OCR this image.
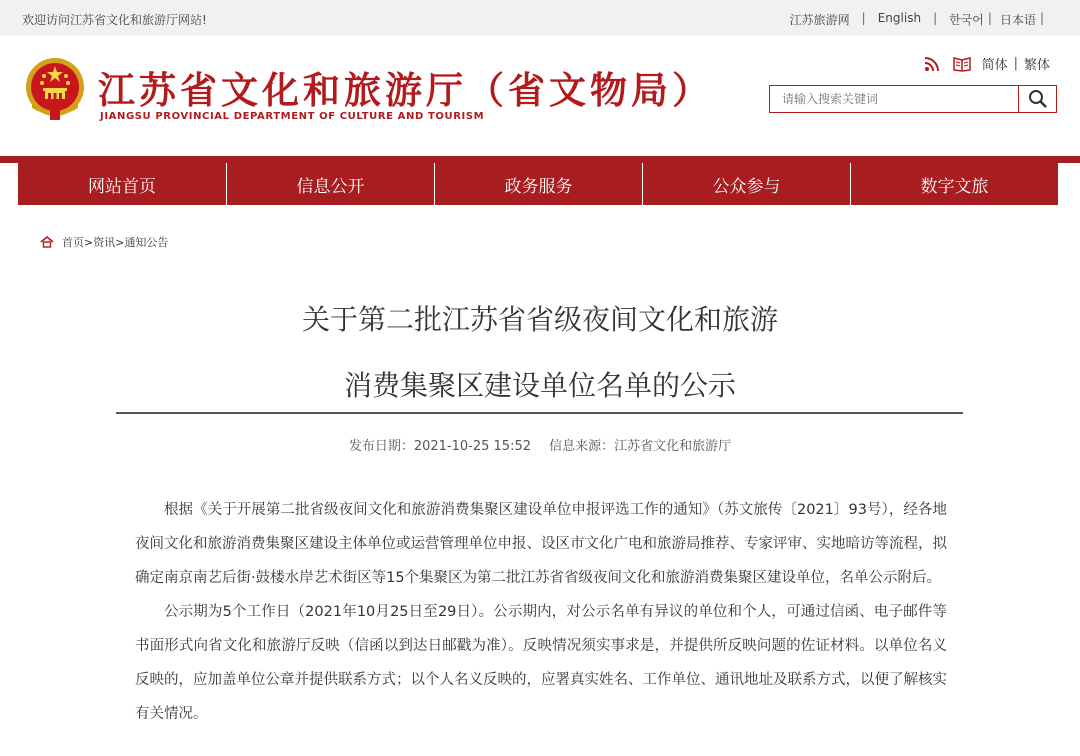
欢迎访问江苏省文化和旅游厅网站!	江苏旅游网	|	English	|	한국어 | 日本语 |
江苏省文化和旅游厅（省文物局）
JIANGSU PROVINCIAL DEPARTMENT OF CULTURE AND TOURISM
简体 | 繁体
请输入搜索关键词
网站首页	信息公开	政务服务	公众参与	数字文旅
首页 > 资讯 > 通知公告
关于第二批江苏省省级夜间文化和旅游
消费集聚区建设单位名单的公示
发布日期：2021-10-25 15:52 信息来源：江苏省文化和旅游厅

根据《关于开展第二批省级夜间文化和旅游消费集聚区建设单位申报评选工作的通知》（苏文旅传〔2021〕93号），经各地夜间文化和旅游消费集聚区建设主体单位或运营管理单位申报、设区市文化广电和旅游局推荐、专家评审、实地暗访等流程，拟确定南京南艺后街·鼓楼水岸艺术街区等15个集聚区为第二批江苏省省级夜间文化和旅游消费集聚区建设单位，名单公示附后。

公示期为5个工作日（2021年10月25日至29日）。公示期内，对公示名单有异议的单位和个人，可通过信函、电子邮件等书面形式向省文化和旅游厅反映（信函以到达日邮戳为准）。反映情况须实事求是，并提供所反映问题的佐证材料。以单位名义反映的，应加盖单位公章并提供联系方式；以个人名义反映的，应署真实姓名、工作单位、通讯地址及联系方式，以便了解核实有关情况。
